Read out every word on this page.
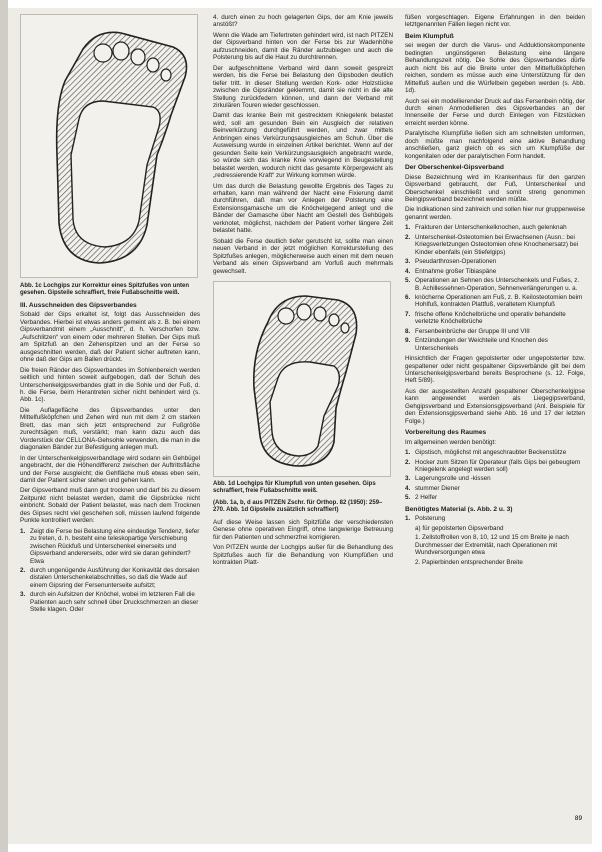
Abb. 1c Lochgips zur Korrektur eines Spitzfußes von unten gesehen. Gipsteile schraffiert, freie Fußabschnitte weiß.
III. Ausschneiden des Gipsverbandes

Sobald der Gips erkaltet ist, folgt das Ausschneiden des Verbandes. Hierbei ist etwas anders gemeint als z. B. bei einem Gipsverbandmit einem „Ausschnitt“, d. h. Verschorfen bzw. „Aufschlitzen“ von einem oder mehreren Stellen. Der Gips muß am Spitzfuß an den Zehenspitzen und an der Ferse so ausgeschnitten werden, daß der Patient sicher auftreten kann, ohne daß der Gips am Ballen drückt.

Die freien Ränder des Gipsverbandes im Sohlenbereich werden seitlich und hinten soweit aufgebogen, daß der Schuh des Unterschenkelgipsverbandes glatt in die Sohle und der Fuß, d. h. die Ferse, beim Herantreten sicher nicht behindert wird (s. Abb. 1c).

Die Auflagefläche des Gipsverbandes unter den Mittelfußköpfchen und Zehen wird nun mit dem 2 cm starken Brett, das man sich jetzt entsprechend zur Fußgröße zurechtsägen muß, verstärkt; man kann dazu auch das Vorderstück der CELLONA-Gehsohle verwenden, die man in die diagonalen Bänder zur Befestigung anlegen muß.

In der Unterschenkelgipsverbandlage wird sodann ein Gehbügel angebracht, der die Höhendifferenz zwischen der Auftrittsfläche und der Ferse ausgleicht; die Gehfläche muß etwas eben sein, damit der Patient sicher stehen und gehen kann.

Der Gipsverband muß dann gut trocknen und darf bis zu diesem Zeitpunkt nicht belastet werden, damit die Gipsbrücke nicht einbricht. Sobald der Patient belastet, was nach dem Trocknen des Gipses recht viel geschehen soll, müssen laufend folgende Punkte kontrolliert werden:

1. Zeigt die Ferse bei Belastung eine eindeutige Tendenz, tiefer zu treten, d. h. besteht eine teleskopartige Verschiebung zwischen Rückfuß und Unterschenkel einerseits und Gipsverband andererseits, oder wird sie daran gehindert? Etwa
2. durch ungenügende Ausführung der Konkavität des dorsalen distalen Unterschenkelabschnittes, so daß die Wade auf einem Gipsring der Fersenunterseite aufsitzt;
3. durch ein Aufsitzen der Knöchel, wobei im letzteren Fall die Patienten auch sehr schnell über Druckschmerzen an dieser Stelle klagen. Oder

4. durch einen zu hoch gelagerten Gips, der am Knie jeweils anstößt?

Wenn die Wade am Tiefertreten gehindert wird, ist nach PITZEN der Gipsverband hinten von der Ferse bis zur Wadenhöhe aufzuschneiden, damit die Ränder aufzubiegen und auch die Polsterung bis auf die Haut zu durchtrennen.

Der aufgeschnittene Verband wird dann soweit gespreizt werden, bis die Ferse bei Belastung den Gipsboden deutlich tiefer tritt. In dieser Stellung werden Kork- oder Holzstücke zwischen die Gipsränder geklemmt, damit sie nicht in die alte Stellung zurückfedern können, und dann der Verband mit zirkulären Touren wieder geschlossen.

Damit das kranke Bein mit gestrecktem Kniegelenk belastet wird, soll am gesunden Bein ein Ausgleich der relativen Beinverkürzung durchgeführt werden, und zwar mittels Anbringen eines Verkürzungsausgleiches am Schuh. Über die Ausweisung wurde in einzelnen Artikel berichtet. Wenn auf der gesunden Seite kein Verkürzungsausgleich angebracht wurde, so würde sich das kranke Knie vorwiegend in Beugestellung belastet werden, wodurch nicht das gesamte Körpergewicht als „redressierende Kraft“ zur Wirkung kommen würde.

Um das durch die Belastung gewollte Ergebnis des Tages zu erhalten, kann man während der Nacht eine Fixierung damit durchführen, daß man vor Anlegen der Polsterung eine Extensionsgamasche um die Knöchelgegend anlegt und die Bänder der Gamasche über Nacht am Gestell des Gehbügels verknotet, möglichst, nachdem der Patient vorher längere Zeit belastet hatte.

Sobald die Ferse deutlich tiefer gerutscht ist, sollte man einen neuen Verband in der jetzt möglichen Korrekturstellung des Spitzfußes anlegen, möglicherweise auch einen mit dem neuen Verband als einen Gipsverband am Vorfuß auch mehrmals gewechselt.

Abb. 1d Lochgips für Klumpfuß von unten gesehen. Gips schraffiert, freie Fußabschnitte weiß.
(Abb. 1a, b, d aus PITZEN Zschr. für Orthop. 82 (1950): 259–270. Abb. 1d Gipsteile zusätzlich schraffiert)

Auf diese Weise lassen sich Spitzfüße der verschiedensten Genese ohne operativen Eingriff, ohne langwierige Betreuung für den Patienten und schmerzfrei korrigieren.

Von PITZEN wurde der Lochgips außer für die Behandlung des Spitzfußes auch für die Behandlung von Klumpfüßen und kontrakten Platt-

füßen vorgeschlagen. Eigene Erfahrungen in den beiden letztgenannten Fällen liegen nicht vor.

Beim Klumpfuß

sei wegen der durch die Varus- und Adduktionskomponente bedingten ungünstigeren Belastung eine längere Behandlungszeit nötig. Die Sohle des Gipsverbandes dürfe auch nicht bis auf die Breite unter den Mittelfußköpfchen reichen, sondern es müsse auch eine Unterstützung für den Mittelfuß außen und die Würfelbein gegeben werden (s. Abb. 1d).

Auch sei ein modellierender Druck auf das Fersenbein nötig, der durch einen Anmodellieren des Gipsverbandes an der Innenseite der Ferse und durch Einlegen von Filzstücken erreicht werden könne.

Paralytische Klumpfüße ließen sich am schnellsten umformen, doch müßte man nachfolgend eine aktive Behandlung anschließen, ganz gleich ob es sich um Klumpfüße der kongenitalen oder der paralytischen Form handelt.

Der Oberschenkel-Gipsverband

Diese Bezeichnung wird im Krankenhaus für den ganzen Gipsverband gebraucht, der Fuß, Unterschenkel und Oberschenkel einschließt und somit streng genommen Beingipsverband bezeichnet werden müßte.

Die Indikationen sind zahlreich und sollen hier nur gruppenweise genannt werden.

1. Frakturen der Unterschenkelknochen, auch gelenknah
2. Unterschenkel-Osteotomien bei Erwachsenen (Ausn.: bei Kriegsverletzungen Osteotomien ohne Knochenersatz) bei Kinder ebenfalls (ein Stiefelgips)
3. Pseudarthrosen-Operationen
4. Entnahme großer Tibiaspäne
5. Operationen an Sehnen des Unterschenkels und Fußes, z. B. Achillessehnen-Operation, Sehnenverlängerungen u. a.
6. knöcherne Operationen am Fuß, z. B. Keilosteotomien beim Hohlfuß, kontrakten Plattfuß, veraltetem Klumpfuß
7. frische offene Knöchelbrüche und operativ behandelte verletzte Knöchelbrüche
8. Fersenbeinbrüche der Gruppe III und VIII
9. Entzündungen der Weichteile und Knochen des Unterschenkels

Hinsichtlich der Fragen gepolsterter oder ungepolsterter bzw. gespaltener oder nicht gespaltener Gipsverbände gilt bei dem Unterschenkelgipsverband bereits Besprochene (s. 12. Folge, Heft 5/89).

Aus der ausgestellten Anzahl gespaltener Oberschenkelgipse kann angewendet werden als Liegegipsverband, Gehgipsverband und Extensionsgipsverband (Anl. Beispiele für den Extensionsgipsverband siehe Abb. 16 und 17 der letzten Folge.)

Vorbereitung des Raumes

Im allgemeinen werden benötigt:

1. Gipstisch, möglichst mit angeschraubter Beckenstütze
2. Hocker zum Sitzen für Operateur (falls Gips bei gebeugtem Kniegelenk angelegt werden soll)
3. Lagerungsrolle und -kissen
4. stummer Diener
5. 2 Helfer
Benötigtes Material (s. Abb. 2 u. 3)
1. Polsterung
a) für gepolsterten Gipsverband
1. Zellstoffrollen von 8, 10, 12 und 15 cm Breite je nach Durchmesser der Extremität, nach Operationen mit Wundversorgungen etwa
2. Papierbinden entsprechender Breite
89
